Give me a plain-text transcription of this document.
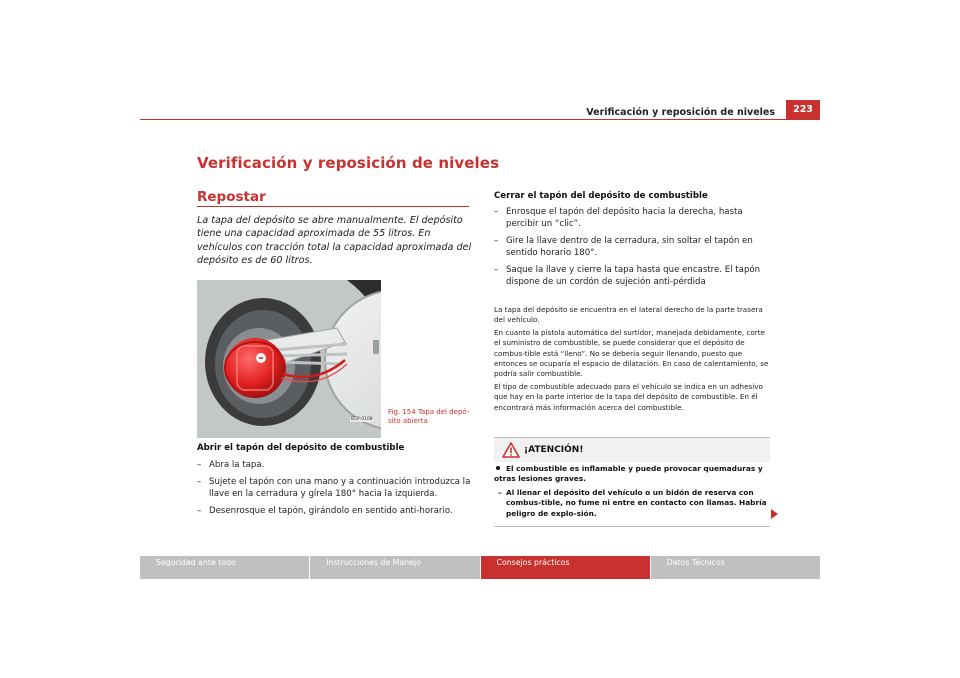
Verificación y reposición de niveles	223
Verificación y reposición de niveles
Repostar
La tapa del depósito se abre manualmente. El depósito tiene una capacidad aproximada de 55 litros. En vehículos con tracción total la capacidad aproximada del depósito es de 60 litros.
B5P-0108
Fig. 154 Tapa del depó-sito abierta
Abrir el tapón del depósito de combustible
– Abra la tapa.
– Sujete el tapón con una mano y a continuación introduzca la llave en la cerradura y gírela 180° hacia la izquierda.
– Desenrosque el tapón, girándolo en sentido anti-horario.
Cerrar el tapón del depósito de combustible
– Enrosque el tapón del depósito hacia la derecha, hasta percibir un “clic”.
– Gire la llave dentro de la cerradura, sin soltar el tapón en sentido horario 180°.
– Saque la llave y cierre la tapa hasta que encastre. El tapón dispone de un cordón de sujeción anti-pérdida

La tapa del depósito se encuentra en el lateral derecho de la parte trasera del vehículo.

En cuanto la pistola automática del surtidor, manejada debidamente, corte el suministro de combustible, se puede considerar que el depósito de combus-tible está “lleno”. No se debería seguir llenando, puesto que entonces se ocuparía el espacio de dilatación. En caso de calentamiento, se podría salir combustible.

El tipo de combustible adecuado para el vehículo se indica en un adhesivo que hay en la parte interior de la tapa del depósito de combustible. En él encontrará más información acerca del combustible.

¡ATENCIÓN!
El combustible es inflamable y puede provocar quemaduras y otras lesiones graves.
– Al llenar el depósito del vehículo o un bidón de reserva con combus-tible, no fume ni entre en contacto con llamas. Habría peligro de explo-sión.
Seguridad ante todo	Instrucciones de Manejo	Consejos prácticos	Datos Técnicos
